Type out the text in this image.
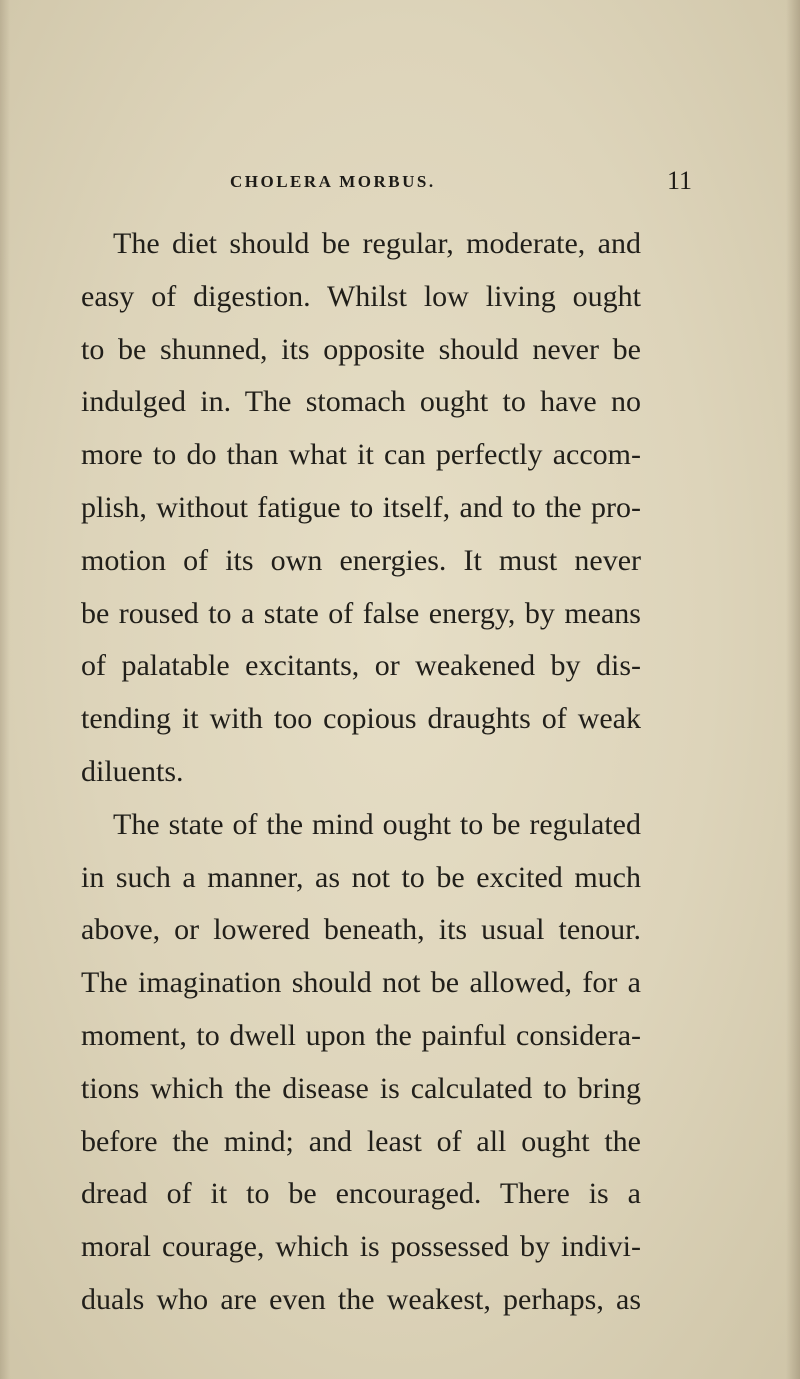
CHOLERA MORBUS.	11
The diet should be regular, moderate, and
easy of digestion. Whilst low living ought
to be shunned, its opposite should never be
indulged in. The stomach ought to have no
more to do than what it can perfectly accom-
plish, without fatigue to itself, and to the pro-
motion of its own energies. It must never
be roused to a state of false energy, by means
of palatable excitants, or weakened by dis-
tending it with too copious draughts of weak
diluents.
The state of the mind ought to be regulated
in such a manner, as not to be excited much
above, or lowered beneath, its usual tenour.
The imagination should not be allowed, for a
moment, to dwell upon the painful considera-
tions which the disease is calculated to bring
before the mind; and least of all ought the
dread of it to be encouraged. There is a
moral courage, which is possessed by indivi-
duals who are even the weakest, perhaps, as
